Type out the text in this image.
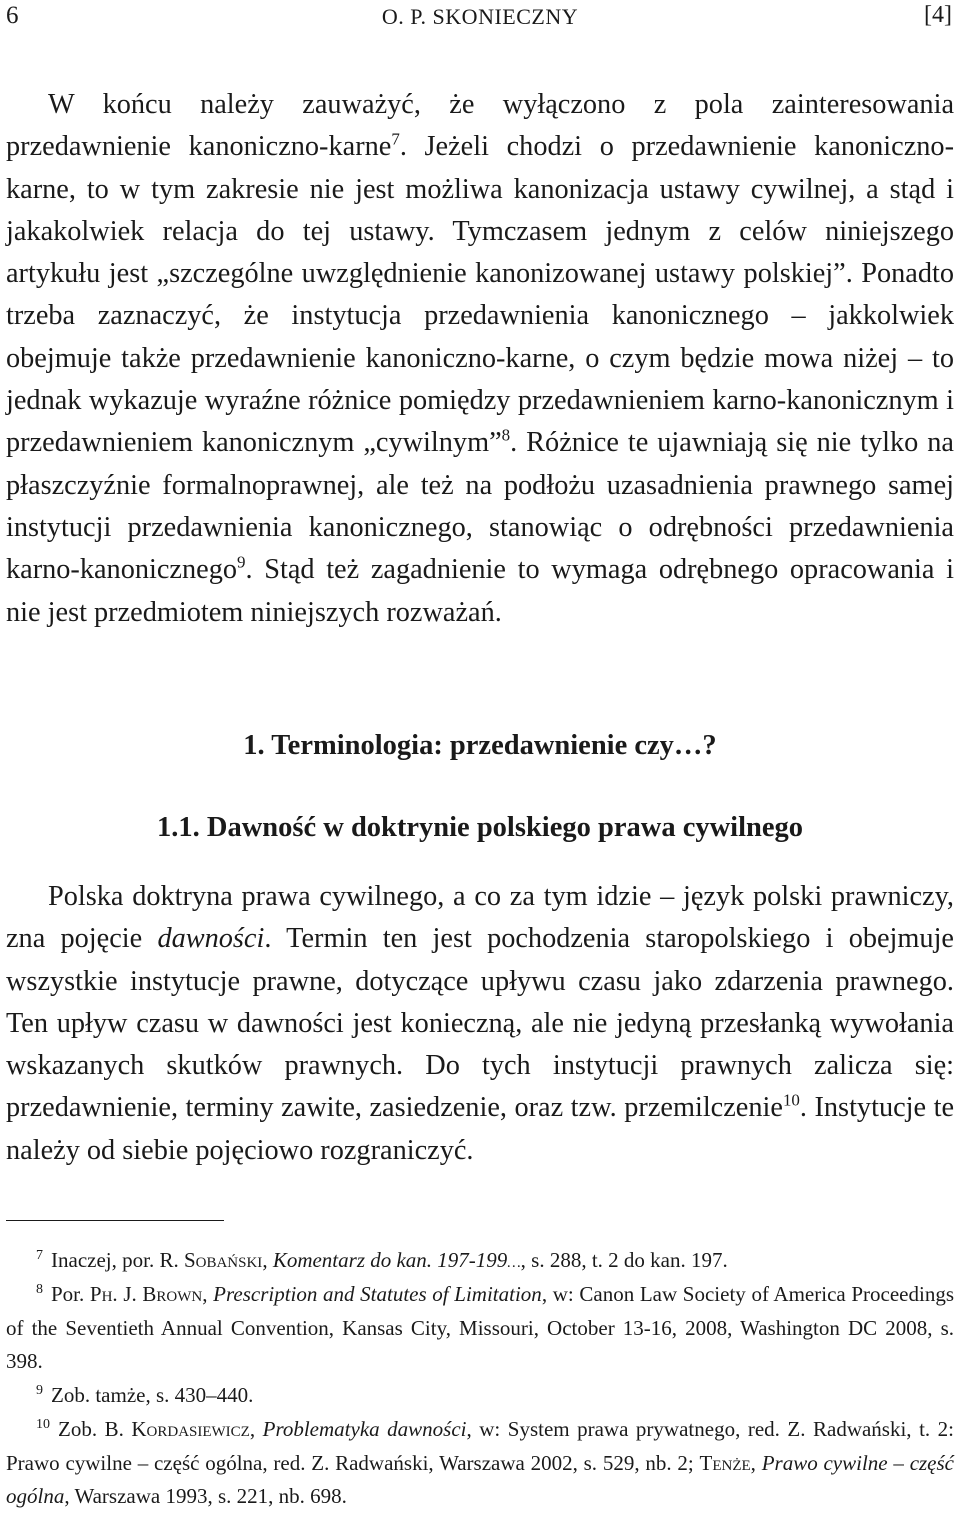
6	O. P. SKONIECZNY	[4]

W końcu należy zauważyć, że wyłączono z pola zainteresowania przedawnienie kanoniczno-karne$^7$. Jeżeli chodzi o przedawnienie kanoniczno-karne, to w tym zakresie nie jest możliwa kanonizacja ustawy cywilnej, a stąd i jakakolwiek relacja do tej ustawy. Tymczasem jednym z celów niniejszego artykułu jest „szczególne uwzględnienie kanonizowanej ustawy polskiej”. Ponadto trzeba zaznaczyć, że instytucja przedawnienia kanonicznego – jakkolwiek obejmuje także przedawnienie kanoniczno-karne, o czym będzie mowa niżej – to jednak wykazuje wyraźne różnice pomiędzy przedawnieniem karno-kanonicznym i przedawnieniem kanonicznym „cywilnym”$^8$. Różnice te ujawniają się nie tylko na płaszczyźnie formalnoprawnej, ale też na podłożu uzasadnienia prawnego samej instytucji przedawnienia kanonicznego, stanowiąc o odrębności przedawnienia karno-kanonicznego$^9$. Stąd też zagadnienie to wymaga odrębnego opracowania i nie jest przedmiotem niniejszych rozważań.

1. Terminologia: przedawnienie czy…?
1.1. Dawność w doktrynie polskiego prawa cywilnego

Polska doktryna prawa cywilnego, a co za tym idzie – język polski prawniczy, zna pojęcie dawności. Termin ten jest pochodzenia staropolskiego i obejmuje wszystkie instytucje prawne, dotyczące upływu czasu jako zdarzenia prawnego. Ten upływ czasu w dawności jest konieczną, ale nie jedyną przesłanką wywołania wskazanych skutków prawnych. Do tych instytucji prawnych zalicza się: przedawnienie, terminy zawite, zasiedzenie, oraz tzw. przemilczenie$^{10}$. Instytucje te należy od siebie pojęciowo rozgraniczyć.

$^7$ Inaczej, por. R. Sobański, Komentarz do kan. 197-199…, s. 288, t. 2 do kan. 197.

$^8$ Por. Ph. J. Brown, Prescription and Statutes of Limitation, w: Canon Law Society of America Proceedings of the Seventieth Annual Convention, Kansas City, Missouri, October 13-16, 2008, Washington DC 2008, s. 398.

$^9$ Zob. tamże, s. 430–440.

$^{10}$ Zob. B. Kordasiewicz, Problematyka dawności, w: System prawa prywatnego, red. Z. Radwański, t. 2: Prawo cywilne – część ogólna, red. Z. Radwański, Warszawa 2002, s. 529, nb. 2; Tenże, Prawo cywilne – część ogólna, Warszawa 1993, s. 221, nb. 698.
